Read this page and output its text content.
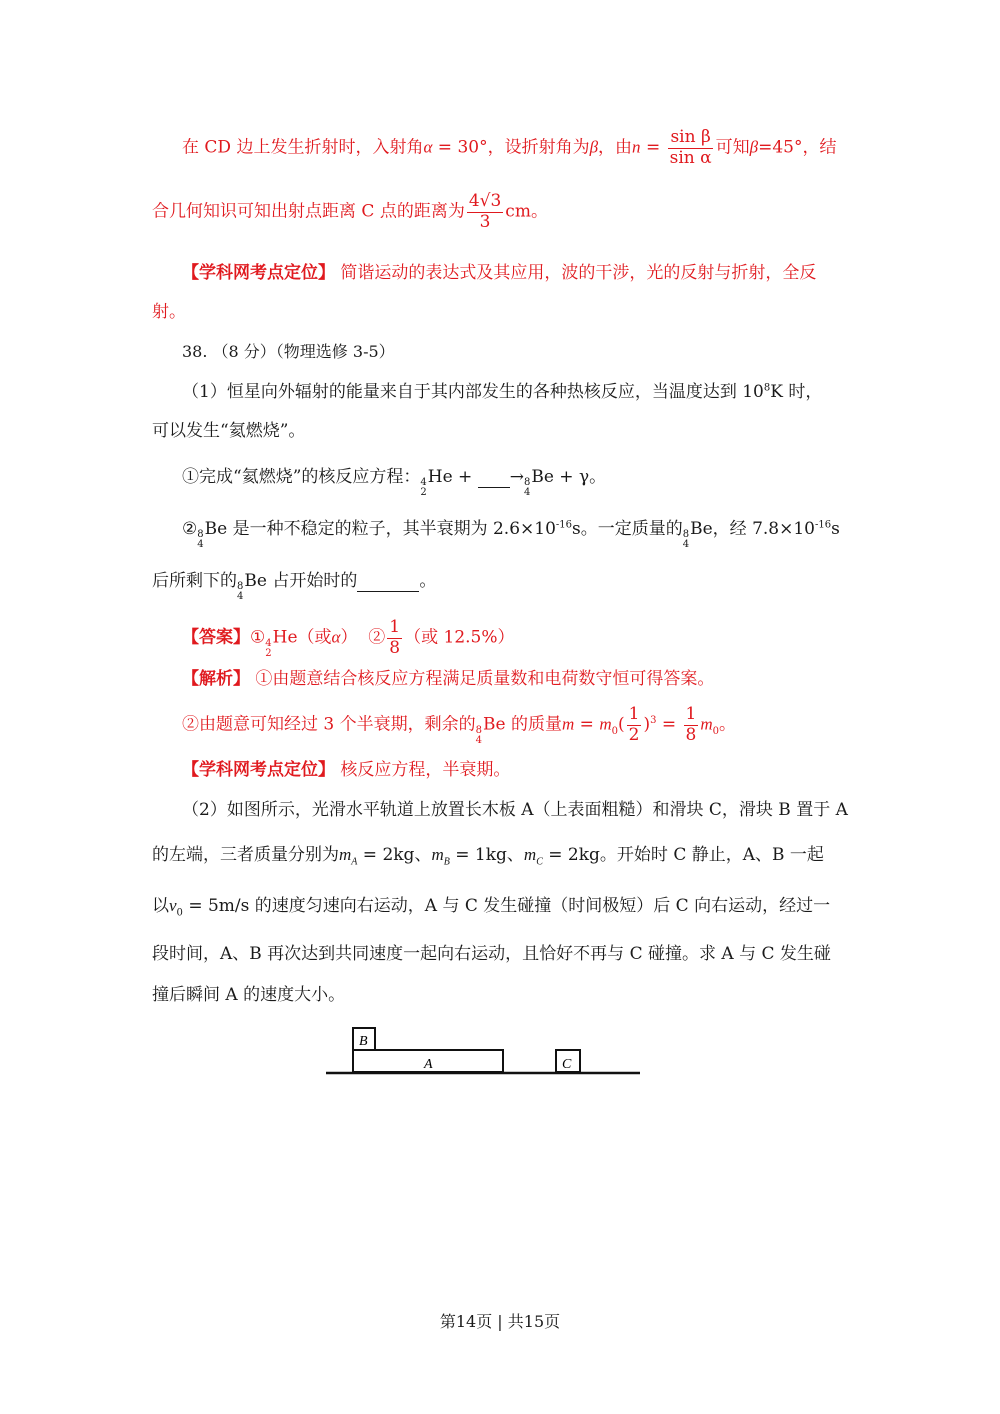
在 CD 边上发生折射时，入射角α = 30°，设折射角为β，由$n = \frac{\text{sin β}}{\text{sin α}}$ 可知β=45°，结
合几何知识可知出射点距离 C 点的距离为 $\frac{4√3}{3}$ cm。
【学科网考点定位】 简谐运动的表达式及其应用，波的干涉，光的反射与折射，全反
射。
38. （8 分）（物理选修 3-5）
（1）恒星向外辐射的能量来自于其内部发生的各种热核反应，当温度达到 $10^8K$ 时，
可以发生“氦燃烧”。
①完成“氦燃烧”的核反应方程： 4
2
He +  → 8
4
Be + γ。
② 8
4
Be 是一种不稳定的粒子，其半衰期为 $2.6\times 10^{-16}s$。一定质量的 8
4
Be，经 $7.8\times 10^{-16}s$
后所剩下的 8
4
Be 占开始时的	。
【答案】① 4
2
He（或α） ② $\frac{1}{8}$ （或 12.5%）
【解析】 ①由题意结合核反应方程满足质量数和电荷数守恒可得答案。
②由题意可知经过 3 个半衰期，剩余的 8
4
Be 的质量$m = m_0( \frac{1}{2} )^3 = \frac{1}{8} m_0$。
【学科网考点定位】 核反应方程，半衰期。
（2）如图所示，光滑水平轨道上放置长木板 A（上表面粗糙）和滑块 C，滑块 B 置于 A
的左端，三者质量分别为$m_A = 2kg$、$m_B = 1kg$、$m_C = 2kg$。开始时 C 静止，A、B 一起
以$v_0 = 5m/s$ 的速度匀速向右运动，A 与 C 发生碰撞（时间极短）后 C 向右运动，经过一
段时间，A、B 再次达到共同速度一起向右运动，且恰好不再与 C 碰撞。求 A 与 C 发生碰
撞后瞬间 A 的速度大小。
B
A	C
第14页 | 共15页
